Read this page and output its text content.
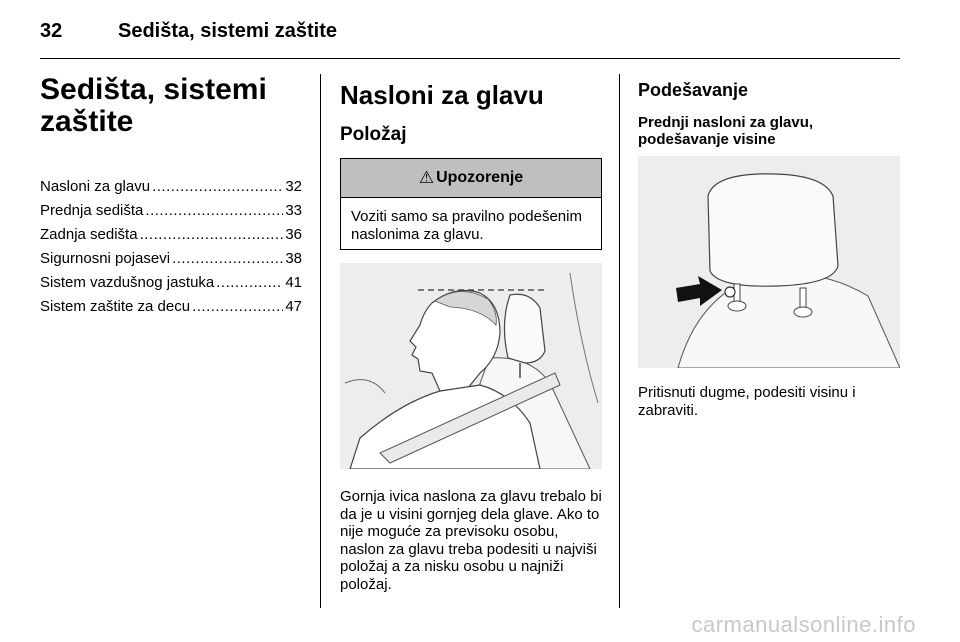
32	Sedišta, sistemi zaštite
Sedišta, sistemi zaštite
Nasloni za glavu .....	32
Prednja sedišta .....	33
Zadnja sedišta .....	36
Sigurnosni pojasevi .....	38
Sistem vazdušnog jastuka .....	41
Sistem zaštite za decu .....	47
Nasloni za glavu
Položaj
⚠ Upozorenje
Voziti samo sa pravilno podešenim naslonima za glavu.
Gornja ivica naslona za glavu trebalo bi da je u visini gornjeg dela glave. Ako to nije moguće za previsoku osobu, naslon za glavu treba podesiti u najviši položaj a za nisku osobu u najniži položaj.
Podešavanje
Prednji nasloni za glavu, podešavanje visine
Pritisnuti dugme, podesiti visinu i zabraviti.
carmanualsonline.info
